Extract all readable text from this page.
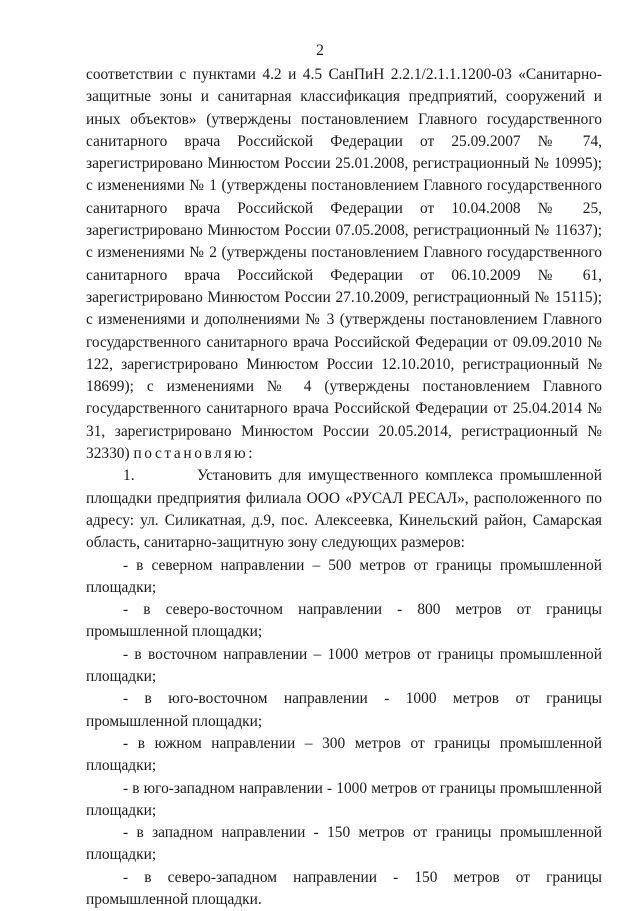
2

соответствии с пунктами 4.2 и 4.5 СанПиН 2.2.1/2.1.1.1200-03 «Санитарно-защитные зоны и санитарная классификация предприятий, сооружений и иных объектов» (утверждены постановлением Главного государственного санитарного врача Российской Федерации от 25.09.2007 № 74, зарегистрировано Минюстом России 25.01.2008, регистрационный № 10995); с изменениями № 1 (утверждены постановлением Главного государственного санитарного врача Российской Федерации от 10.04.2008 № 25, зарегистрировано Минюстом России 07.05.2008, регистрационный № 11637); с изменениями № 2 (утверждены постановлением Главного государственного санитарного врача Российской Федерации от 06.10.2009 № 61, зарегистрировано Минюстом России 27.10.2009, регистрационный № 15115); с изменениями и дополнениями № 3 (утверждены постановлением Главного государственного санитарного врача Российской Федерации от 09.09.2010 № 122, зарегистрировано Минюстом России 12.10.2010, регистрационный № 18699); с изменениями № 4 (утверждены постановлением Главного государственного санитарного врача Российской Федерации от 25.04.2014 № 31, зарегистрировано Минюстом России 20.05.2014, регистрационный № 32330) постановляю:

1.	Установить для имущественного комплекса промышленной площадки предприятия филиала ООО «РУСАЛ РЕСАЛ», расположенного по адресу: ул. Силикатная, д.9, пос. Алексеевка, Кинельский район, Самарская область, санитарно-защитную зону следующих размеров:

- в северном направлении – 500 метров от границы промышленной площадки;

- в северо-восточном направлении - 800 метров от границы промышленной площадки;

- в восточном направлении – 1000 метров от границы промышленной площадки;

- в юго-восточном направлении - 1000 метров от границы промышленной площадки;

- в южном направлении – 300 метров от границы промышленной площадки;

- в юго-западном направлении - 1000 метров от границы промышленной площадки;

- в западном направлении - 150 метров от границы промышленной площадки;

- в северо-западном направлении - 150 метров от границы промышленной площадки.
